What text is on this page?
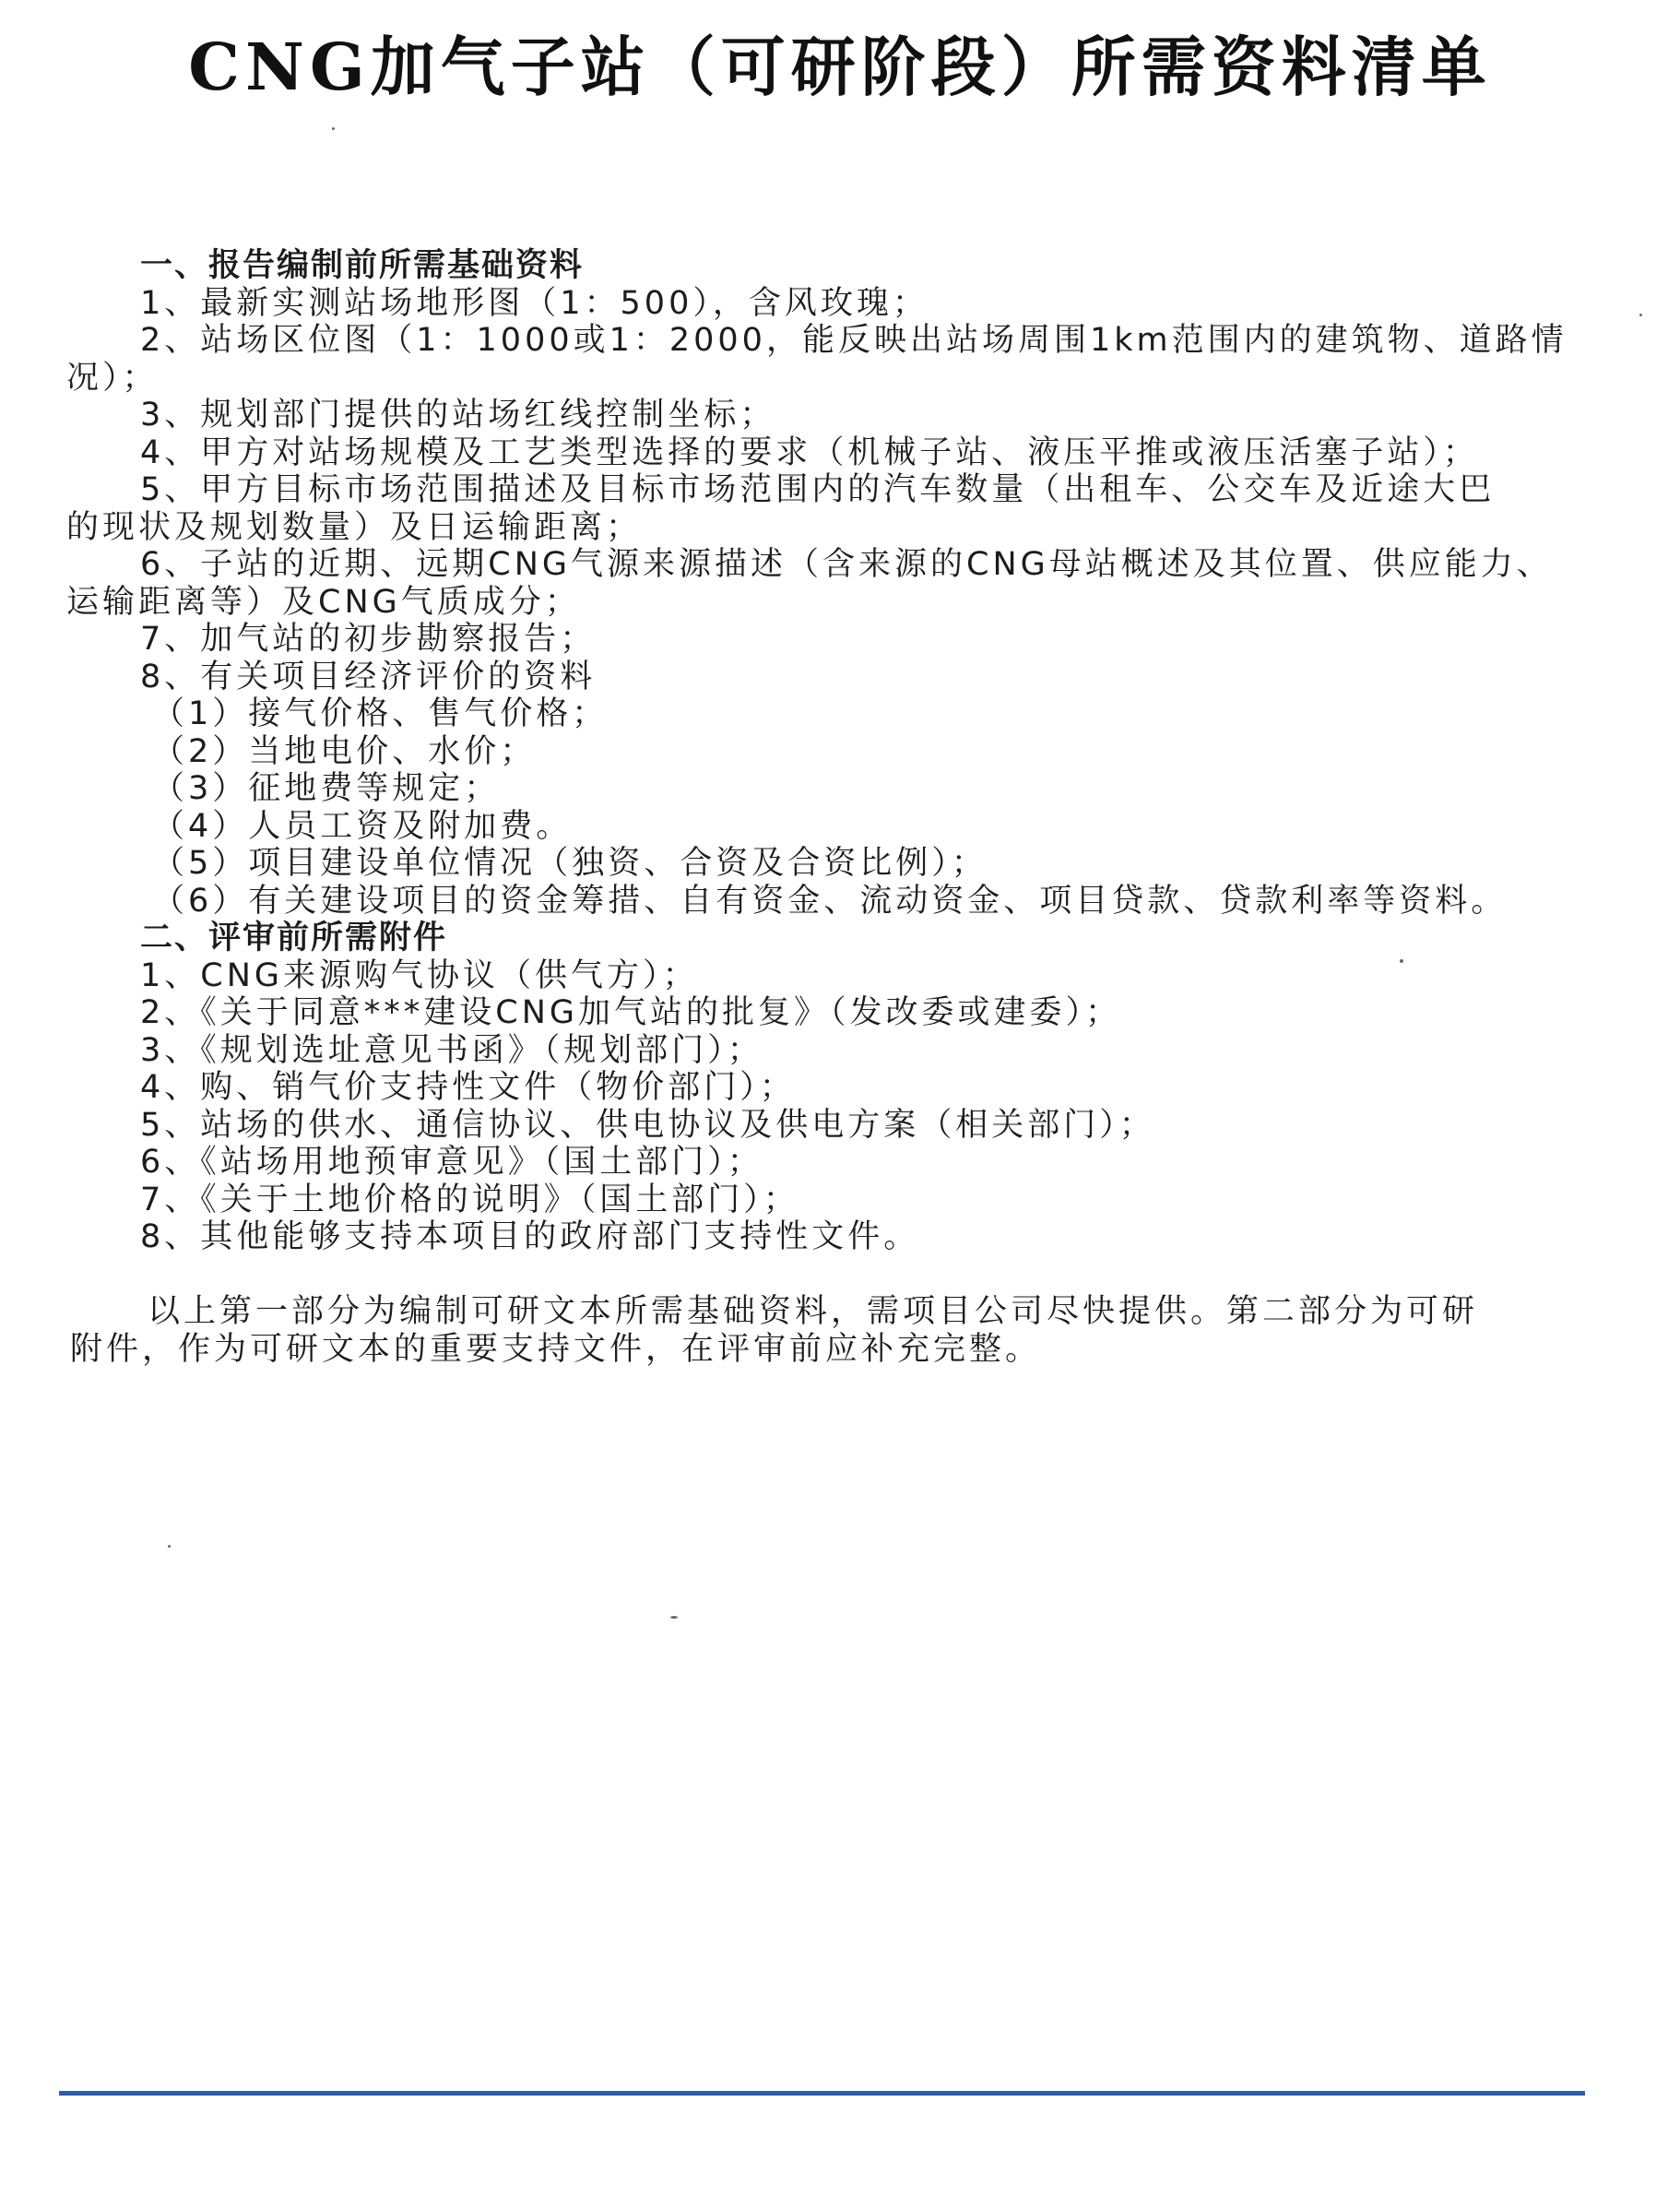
CNG加气子站（可研阶段）所需资料清单
一、报告编制前所需基础资料
1、最新实测站场地形图（1：500），含风玫瑰；
2、站场区位图（1：1000或1：2000，能反映出站场周围1km范围内的建筑物、道路情
况）；
3、规划部门提供的站场红线控制坐标；
4、甲方对站场规模及工艺类型选择的要求（机械子站、液压平推或液压活塞子站）；
5、甲方目标市场范围描述及目标市场范围内的汽车数量（出租车、公交车及近途大巴
的现状及规划数量）及日运输距离；
6、子站的近期、远期CNG气源来源描述（含来源的CNG母站概述及其位置、供应能力、
运输距离等）及CNG气质成分；
7、加气站的初步勘察报告；
8、有关项目经济评价的资料
（1）接气价格、售气价格；
（2）当地电价、水价；
（3）征地费等规定；
（4）人员工资及附加费。
（5）项目建设单位情况（独资、合资及合资比例）；
（6）有关建设项目的资金筹措、自有资金、流动资金、项目贷款、贷款利率等资料。
二、评审前所需附件
1、CNG来源购气协议（供气方）；
2、《关于同意***建设CNG加气站的批复》（发改委或建委）；
3、《规划选址意见书函》（规划部门）；
4、购、销气价支持性文件（物价部门）；
5、站场的供水、通信协议、供电协议及供电方案（相关部门）；
6、《站场用地预审意见》（国土部门）；
7、《关于土地价格的说明》（国土部门）；
8、其他能够支持本项目的政府部门支持性文件。
以上第一部分为编制可研文本所需基础资料，需项目公司尽快提供。第二部分为可研
附件，作为可研文本的重要支持文件，在评审前应补充完整。
